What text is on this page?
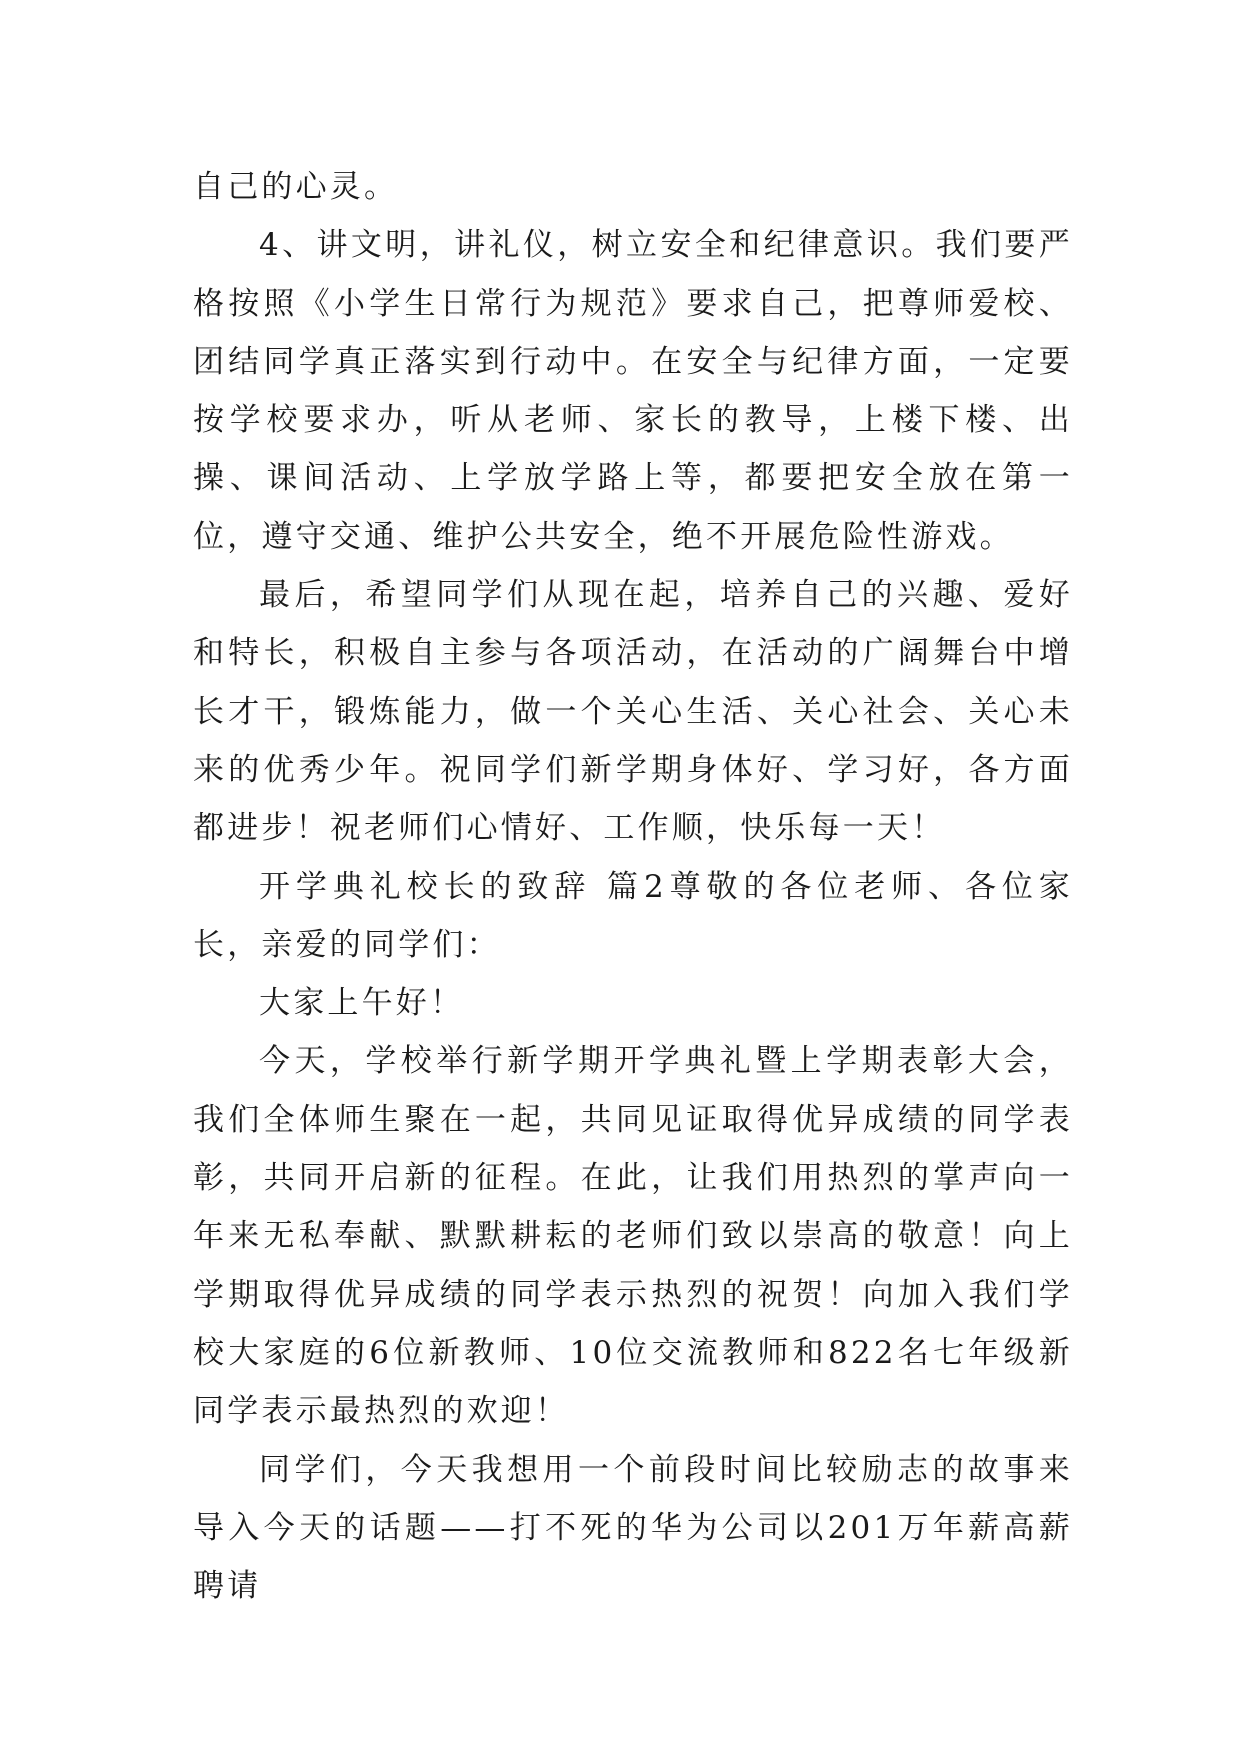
自己的心灵。

4、讲文明，讲礼仪，树立安全和纪律意识。我们要严格按照《小学生日常行为规范》要求自己，把尊师爱校、团结同学真正落实到行动中。在安全与纪律方面，一定要按学校要求办，听从老师、家长的教导，上楼下楼、出操、课间活动、上学放学路上等，都要把安全放在第一位，遵守交通、维护公共安全，绝不开展危险性游戏。

最后，希望同学们从现在起，培养自己的兴趣、爱好和特长，积极自主参与各项活动，在活动的广阔舞台中增长才干，锻炼能力，做一个关心生活、关心社会、关心未来的优秀少年。祝同学们新学期身体好、学习好，各方面都进步！祝老师们心情好、工作顺，快乐每一天！

开学典礼校长的致辞 篇2尊敬的各位老师、各位家长，亲爱的同学们：

大家上午好！

今天，学校举行新学期开学典礼暨上学期表彰大会，我们全体师生聚在一起，共同见证取得优异成绩的同学表彰，共同开启新的征程。在此，让我们用热烈的掌声向一年来无私奉献、默默耕耘的老师们致以崇高的敬意！向上学期取得优异成绩的同学表示热烈的祝贺！向加入我们学校大家庭的6位新教师、10位交流教师和822名七年级新同学表示最热烈的欢迎！

同学们，今天我想用一个前段时间比较励志的故事来导入今天的话题——打不死的华为公司以201万年薪高薪聘请
